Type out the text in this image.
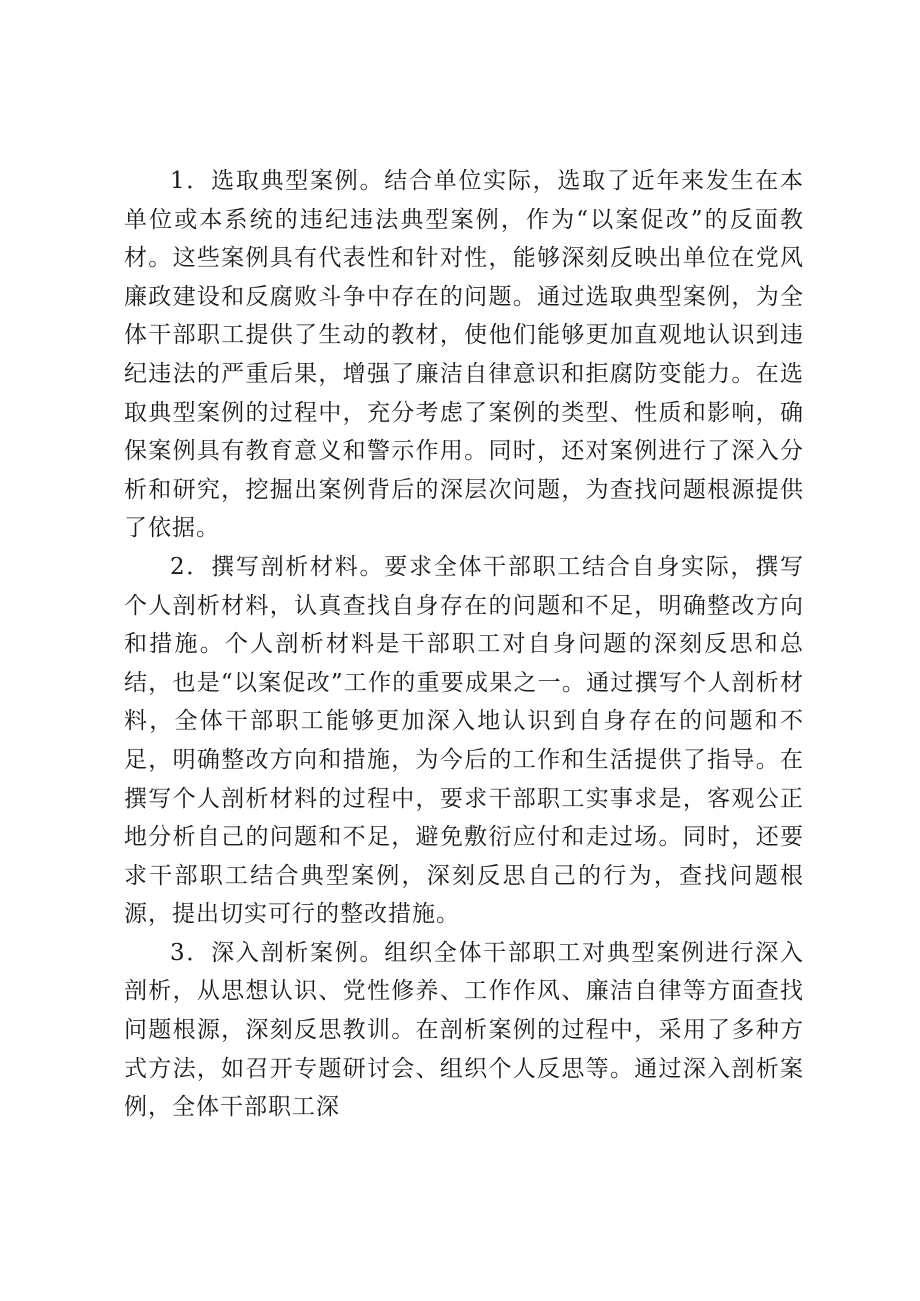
1．选取典型案例。结合单位实际，选取了近年来发生在本单位或本系统的违纪违法典型案例，作为“以案促改”的反面教材。这些案例具有代表性和针对性，能够深刻反映出单位在党风廉政建设和反腐败斗争中存在的问题。通过选取典型案例，为全体干部职工提供了生动的教材，使他们能够更加直观地认识到违纪违法的严重后果，增强了廉洁自律意识和拒腐防变能力。在选取典型案例的过程中，充分考虑了案例的类型、性质和影响，确保案例具有教育意义和警示作用。同时，还对案例进行了深入分析和研究，挖掘出案例背后的深层次问题，为查找问题根源提供了依据。

2．撰写剖析材料。要求全体干部职工结合自身实际，撰写个人剖析材料，认真查找自身存在的问题和不足，明确整改方向和措施。个人剖析材料是干部职工对自身问题的深刻反思和总结，也是“以案促改”工作的重要成果之一。通过撰写个人剖析材料，全体干部职工能够更加深入地认识到自身存在的问题和不足，明确整改方向和措施，为今后的工作和生活提供了指导。在撰写个人剖析材料的过程中，要求干部职工实事求是，客观公正地分析自己的问题和不足，避免敷衍应付和走过场。同时，还要求干部职工结合典型案例，深刻反思自己的行为，查找问题根源，提出切实可行的整改措施。

3．深入剖析案例。组织全体干部职工对典型案例进行深入剖析，从思想认识、党性修养、工作作风、廉洁自律等方面查找问题根源，深刻反思教训。在剖析案例的过程中，采用了多种方式方法，如召开专题研讨会、组织个人反思等。通过深入剖析案例，全体干部职工深
